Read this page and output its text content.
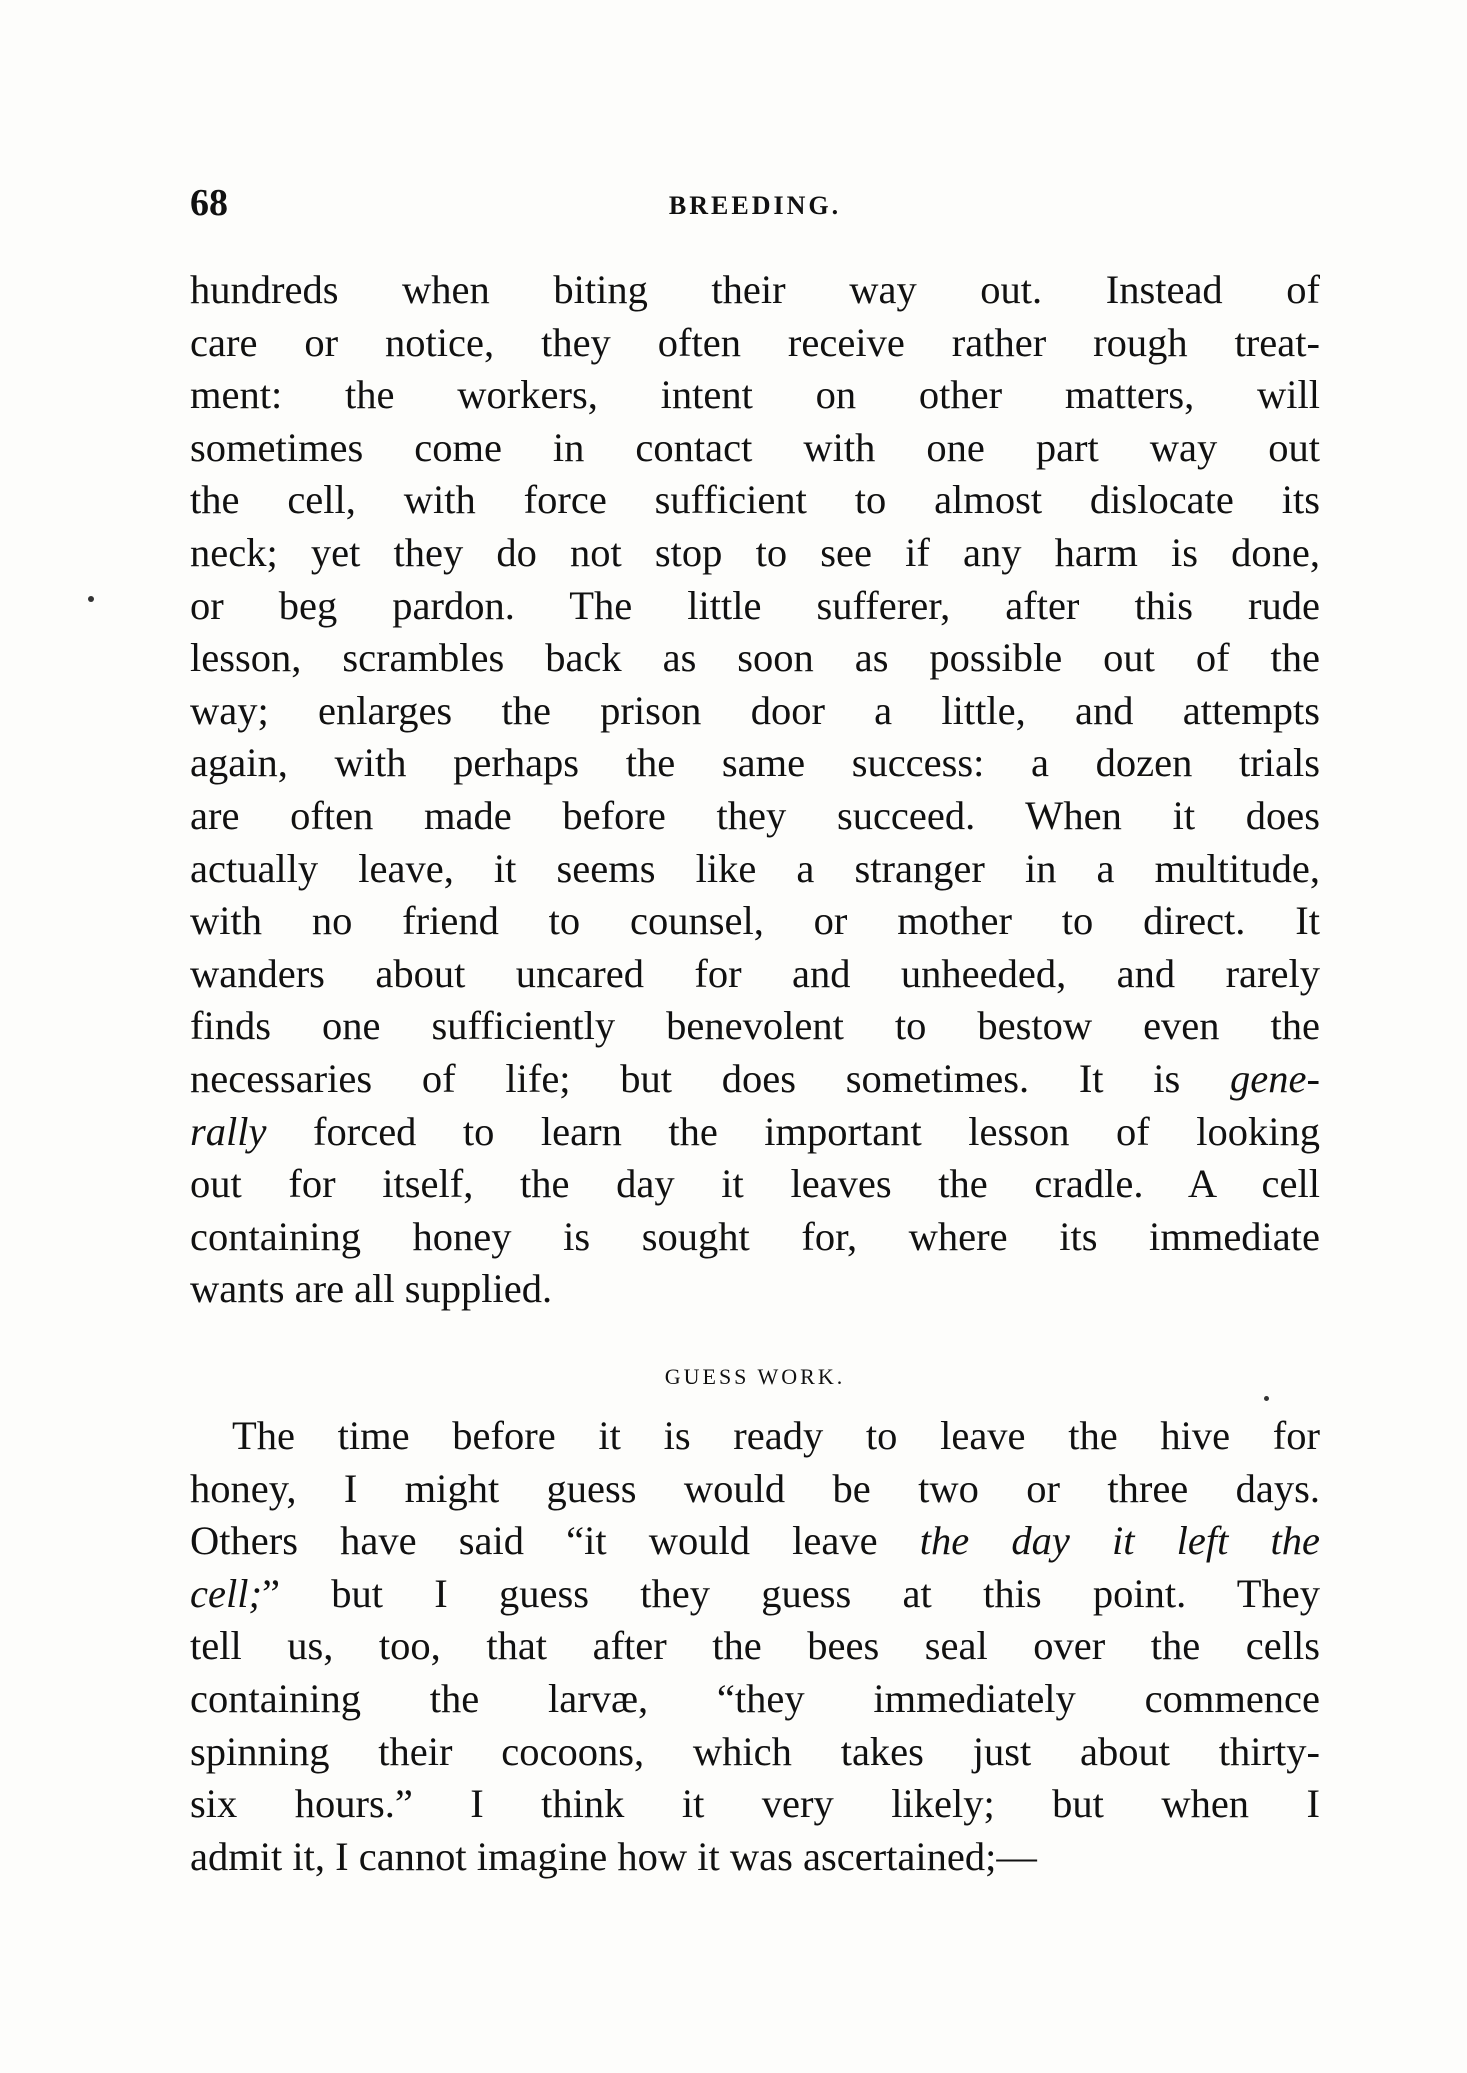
68	BREEDING.
hundreds when biting their way out. Instead of
care or notice, they often receive rather rough treat-
ment: the workers, intent on other matters, will
sometimes come in contact with one part way out
the cell, with force sufficient to almost dislocate its
neck; yet they do not stop to see if any harm is done,
or beg pardon. The little sufferer, after this rude
lesson, scrambles back as soon as possible out of the
way; enlarges the prison door a little, and attempts
again, with perhaps the same success: a dozen trials
are often made before they succeed. When it does
actually leave, it seems like a stranger in a multitude,
with no friend to counsel, or mother to direct. It
wanders about uncared for and unheeded, and rarely
finds one sufficiently benevolent to bestow even the
necessaries of life; but does sometimes. It is gene-
rally forced to learn the important lesson of looking
out for itself, the day it leaves the cradle. A cell
containing honey is sought for, where its immediate
wants are all supplied.
GUESS WORK.
The time before it is ready to leave the hive for
honey, I might guess would be two or three days.
Others have said “it would leave the day it left the
cell;” but I guess they guess at this point. They
tell us, too, that after the bees seal over the cells
containing the larvæ, “they immediately commence
spinning their cocoons, which takes just about thirty-
six hours.” I think it very likely; but when I
admit it, I cannot imagine how it was ascertained;—
